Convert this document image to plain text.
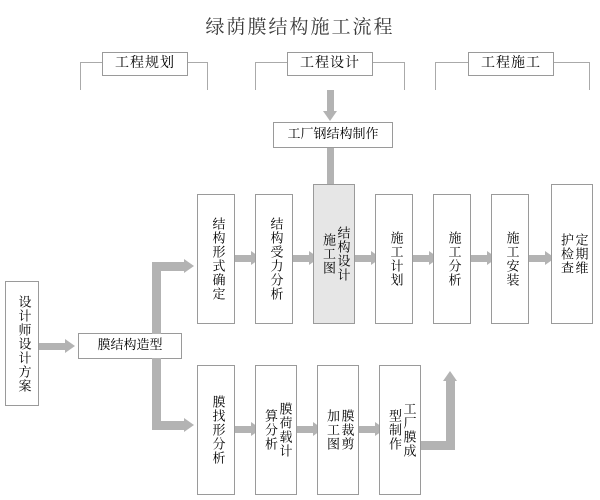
绿荫膜结构施工流程
工程规划	工程设计	工程施工
设计师设计方案	膜结构造型
工厂钢结构制作
结构形式确定	结构受力分析	结构设计
施工图	施工计划	施工分析	施工安装	定期维
护检查
膜找形分析	膜荷载计
算分析	膜裁剪
加工图	工厂膜成
型制作
